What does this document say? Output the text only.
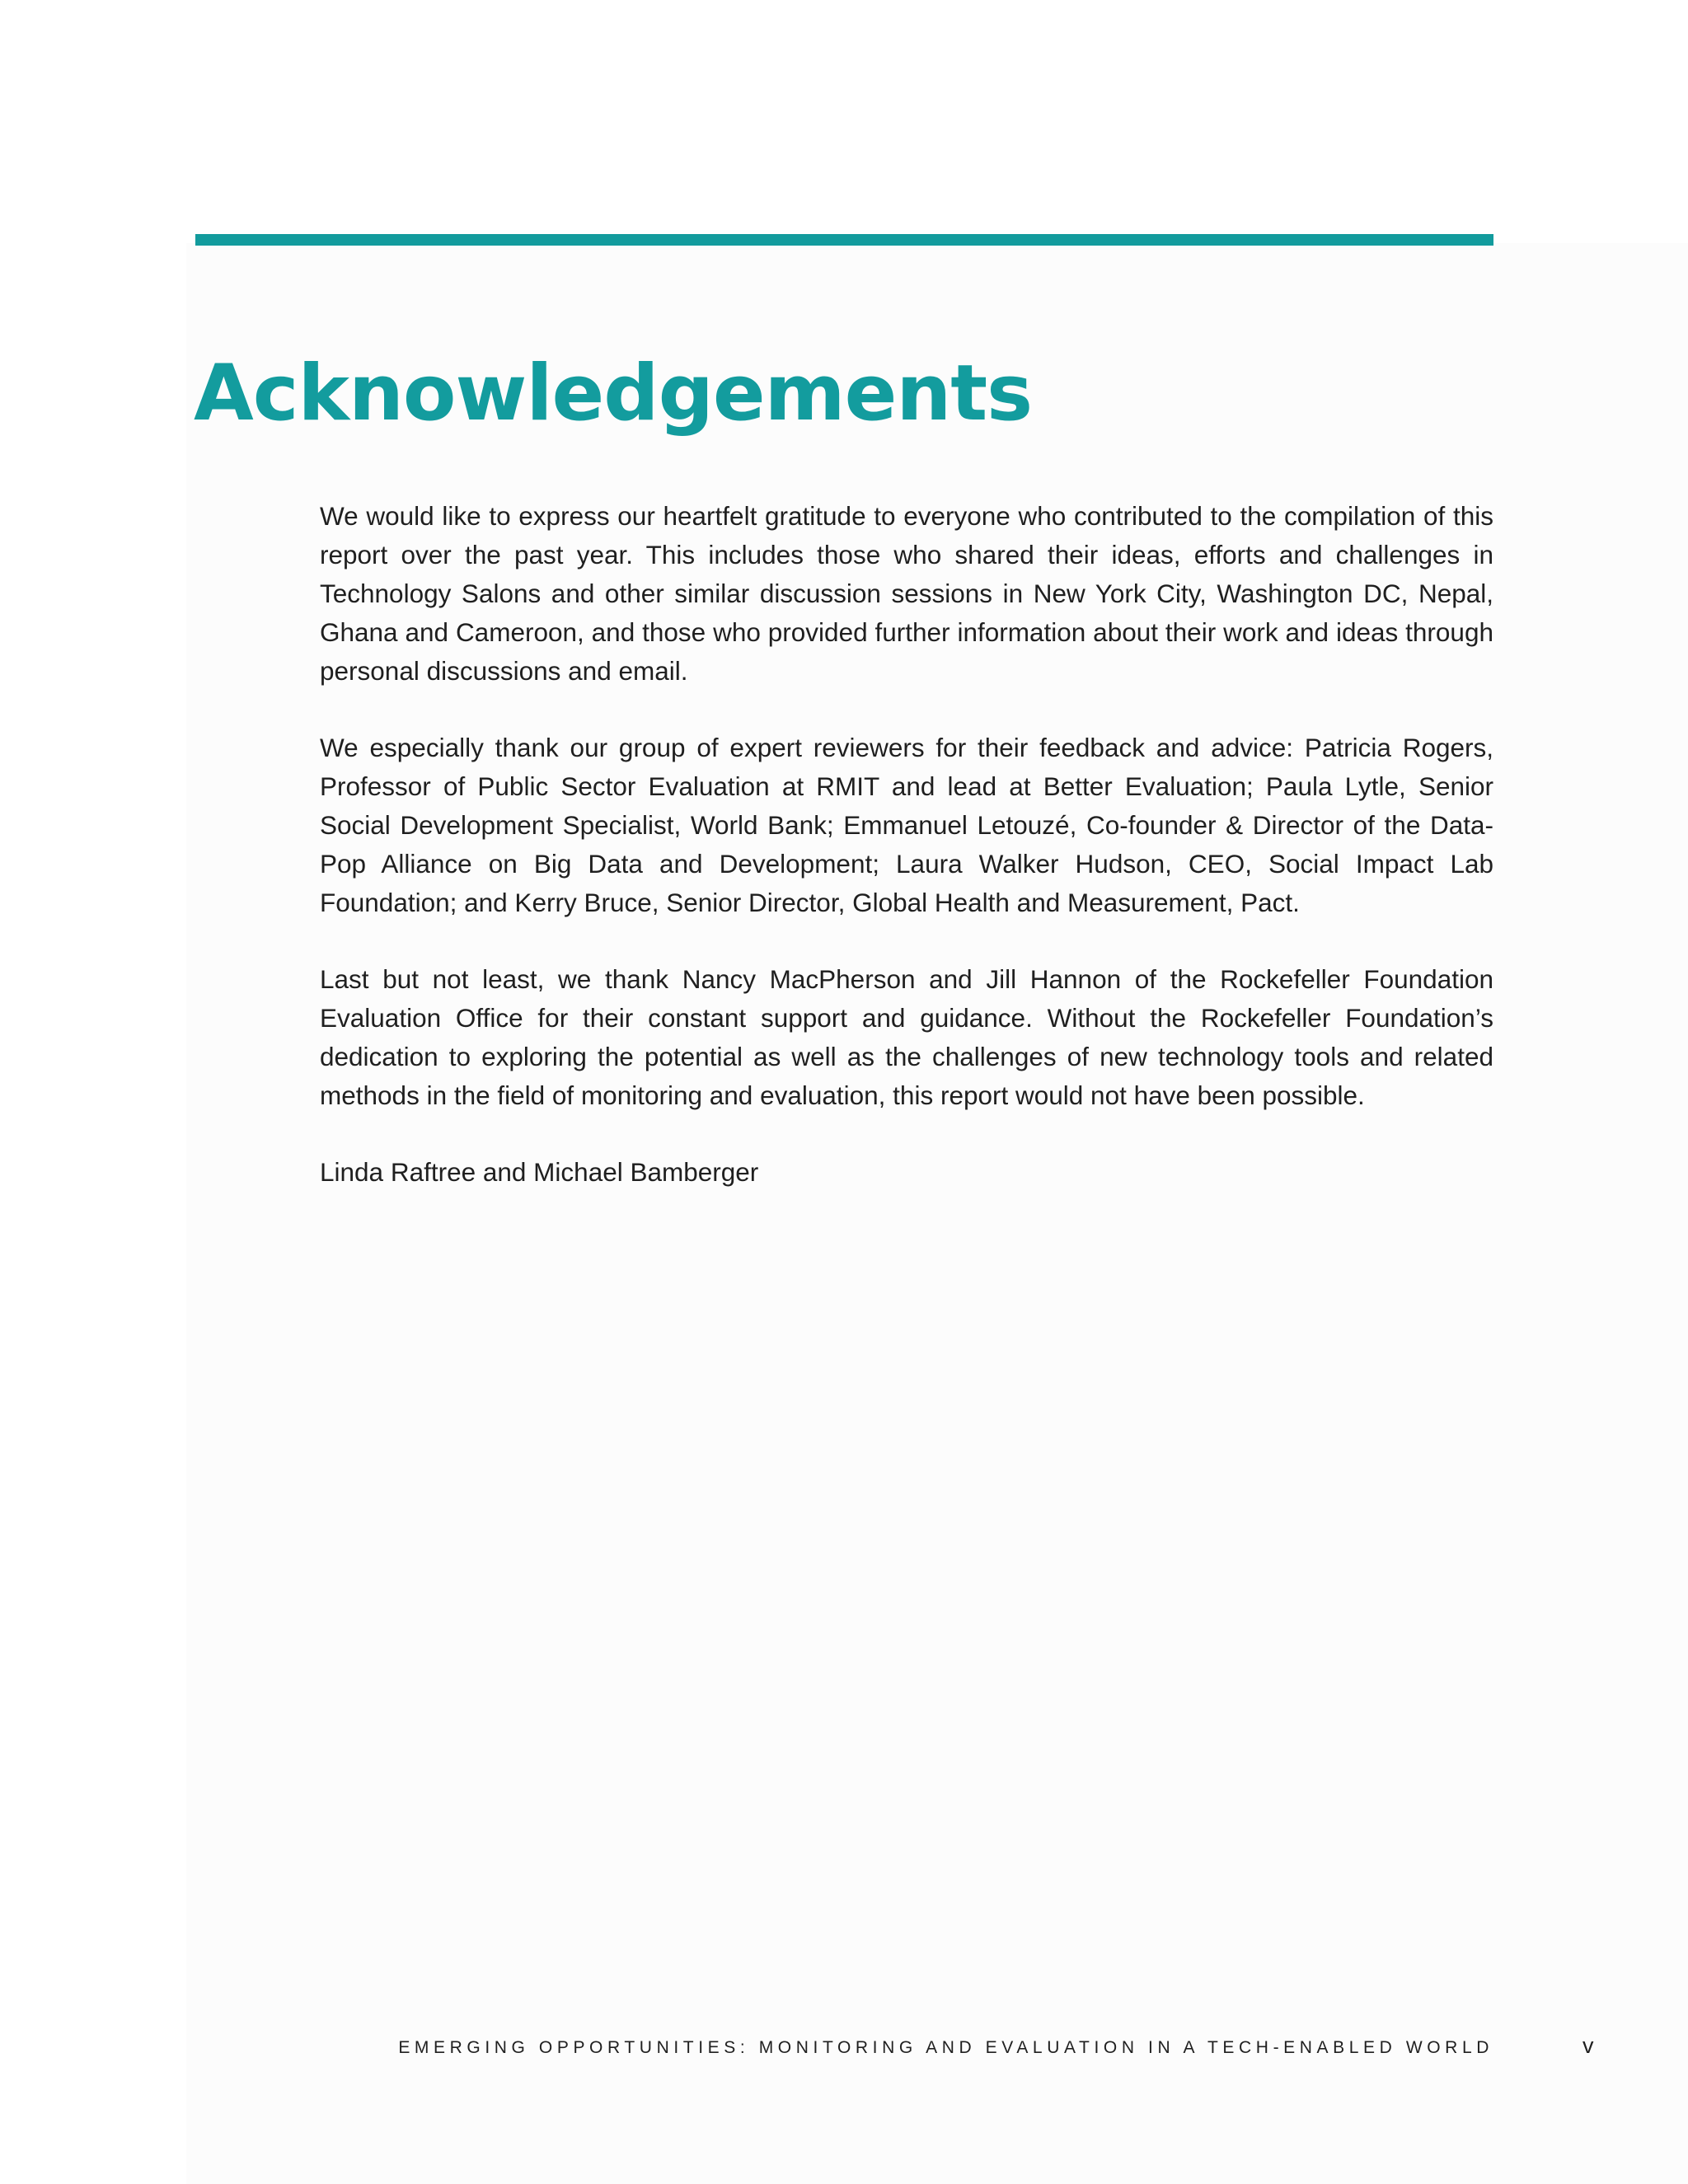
Acknowledgements

We would like to express our heartfelt gratitude to everyone who contributed to the compilation of this report over the past year. This includes those who shared their ideas, efforts and challenges in Technology Salons and other similar discussion sessions in New York City, Washington DC, Nepal, Ghana and Cameroon, and those who provided further information about their work and ideas through personal discussions and email.

We especially thank our group of expert reviewers for their feedback and advice: Patricia Rogers, Professor of Public Sector Evaluation at RMIT and lead at Better Evaluation; Paula Lytle, Senior Social Development Specialist, World Bank; Emmanuel Letouzé, Co-founder & Director of the Data-Pop Alliance on Big Data and Development; Laura Walker Hudson, CEO, Social Impact Lab Foundation; and Kerry Bruce, Senior Director, Global Health and Measurement, Pact.

Last but not least, we thank Nancy MacPherson and Jill Hannon of the Rockefeller Foundation Evaluation Office for their constant support and guidance. Without the Rockefeller Foundation’s dedication to exploring the potential as well as the challenges of new technology tools and related methods in the field of monitoring and evaluation, this report would not have been possible.

Linda Raftree and Michael Bamberger

EMERGING OPPORTUNITIES: MONITORING AND EVALUATION IN A TECH-ENABLED WORLD	v
